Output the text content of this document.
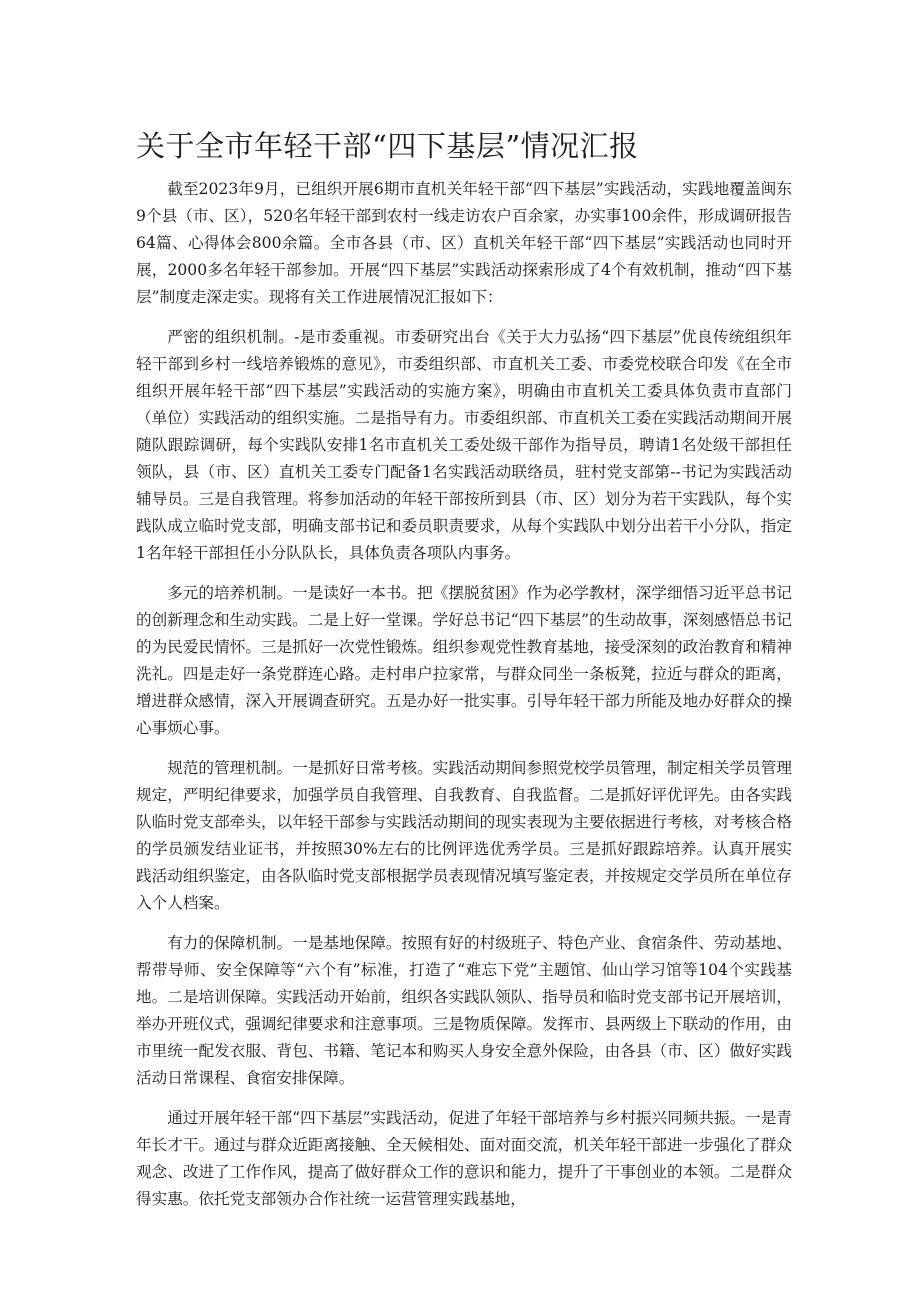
关于全市年轻干部“四下基层”情况汇报

截至2023年9月，已组织开展6期市直机关年轻干部“四下基层”实践活动，实践地覆盖闽东9个县（市、区），520名年轻干部到农村一线走访农户百余家，办实事100余件，形成调研报告64篇、心得体会800余篇。全市各县（市、区）直机关年轻干部“四下基层”实践活动也同时开展，2000多名年轻干部参加。开展“四下基层”实践活动探索形成了4个有效机制，推动“四下基层”制度走深走实。现将有关工作进展情况汇报如下：

严密的组织机制。-是市委重视。市委研究出台《关于大力弘扬“四下基层”优良传统组织年轻干部到乡村一线培养锻炼的意见》，市委组织部、市直机关工委、市委党校联合印发《在全市组织开展年轻干部“四下基层”实践活动的实施方案》，明确由市直机关工委具体负责市直部门（单位）实践活动的组织实施。二是指导有力。市委组织部、市直机关工委在实践活动期间开展随队跟踪调研，每个实践队安排1名市直机关工委处级干部作为指导员，聘请1名处级干部担任领队，县（市、区）直机关工委专门配备1名实践活动联络员，驻村党支部第--书记为实践活动辅导员。三是自我管理。将参加活动的年轻干部按所到县（市、区）划分为若干实践队，每个实践队成立临时党支部，明确支部书记和委员职责要求，从每个实践队中划分出若干小分队，指定1名年轻干部担任小分队队长，具体负责各项队内事务。

多元的培养机制。一是读好一本书。把《摆脱贫困》作为必学教材，深学细悟习近平总书记的创新理念和生动实践。二是上好一堂课。学好总书记“四下基层”的生动故事，深刻感悟总书记的为民爱民情怀。三是抓好一次党性锻炼。组织参观党性教育基地，接受深刻的政治教育和精神洗礼。四是走好一条党群连心路。走村串户拉家常，与群众同坐一条板凳，拉近与群众的距离，增进群众感情，深入开展调查研究。五是办好一批实事。引导年轻干部力所能及地办好群众的操心事烦心事。

规范的管理机制。一是抓好日常考核。实践活动期间参照党校学员管理，制定相关学员管理规定，严明纪律要求，加强学员自我管理、自我教育、自我监督。二是抓好评优评先。由各实践队临时党支部牵头，以年轻干部参与实践活动期间的现实表现为主要依据进行考核，对考核合格的学员颁发结业证书，并按照30%左右的比例评选优秀学员。三是抓好跟踪培养。认真开展实践活动组织鉴定，由各队临时党支部根据学员表现情况填写鉴定表，并按规定交学员所在单位存入个人档案。

有力的保障机制。一是基地保障。按照有好的村级班子、特色产业、食宿条件、劳动基地、帮带导师、安全保障等“六个有”标准，打造了“难忘下党”主题馆、仙山学习馆等104个实践基地。二是培训保障。实践活动开始前，组织各实践队领队、指导员和临时党支部书记开展培训，举办开班仪式，强调纪律要求和注意事项。三是物质保障。发挥市、县两级上下联动的作用，由市里统一配发衣服、背包、书籍、笔记本和购买人身安全意外保险，由各县（市、区）做好实践活动日常课程、食宿安排保障。

通过开展年轻干部“四下基层”实践活动，促进了年轻干部培养与乡村振兴同频共振。一是青年长才干。通过与群众近距离接触、全天候相处、面对面交流，机关年轻干部进一步强化了群众观念、改进了工作作风，提高了做好群众工作的意识和能力，提升了干事创业的本领。二是群众得实惠。依托党支部领办合作社统一运营管理实践基地，
